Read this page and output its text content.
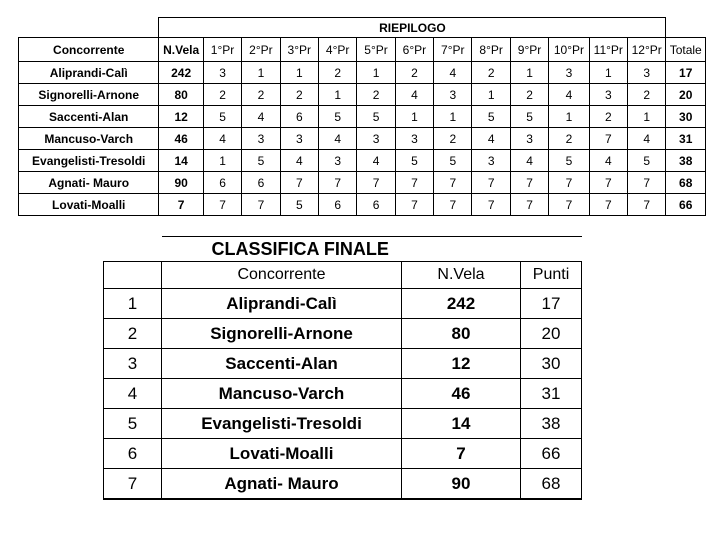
	RIEPILOGO													
Concorrente	N.Vela	1°Pr	2°Pr	3°Pr	4°Pr	5°Pr	6°Pr	7°Pr	8°Pr	9°Pr	10°Pr	11°Pr	12°Pr	Totale
Aliprandi-Calì	242	3	1	1	2	1	2	4	2	1	3	1	3	17
Signorelli-Arnone	80	2	2	2	1	2	4	3	1	2	4	3	2	20
Saccenti-Alan	12	5	4	6	5	5	1	1	5	5	1	2	1	30
Mancuso-Varch	46	4	3	3	4	3	3	2	4	3	2	7	4	31
Evangelisti-Tresoldi	14	1	5	4	3	4	5	5	3	4	5	4	5	38
Agnati- Mauro	90	6	6	7	7	7	7	7	7	7	7	7	7	68
Lovati-Moalli	7	7	7	5	6	6	7	7	7	7	7	7	7	66
	CLASSIFICA FINALE		
	Concorrente	N.Vela	Punti
1	Aliprandi-Calì	242	17
2	Signorelli-Arnone	80	20
3	Saccenti-Alan	12	30
4	Mancuso-Varch	46	31
5	Evangelisti-Tresoldi	14	38
6	Lovati-Moalli	7	66
7	Agnati- Mauro	90	68
